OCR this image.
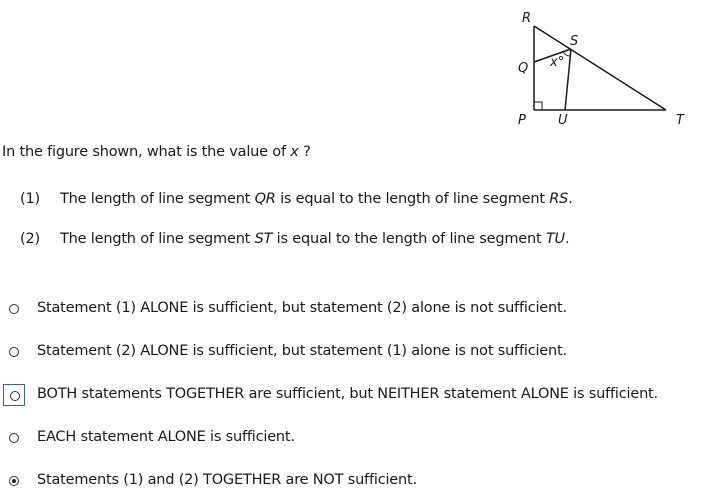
R
S
Q x°
P U	T
In the figure shown, what is the value of x ?
(1) The length of line segment QR is equal to the length of line segment RS.
(2) The length of line segment ST is equal to the length of line segment TU.
Statement (1) ALONE is sufficient, but statement (2) alone is not sufficient.
Statement (2) ALONE is sufficient, but statement (1) alone is not sufficient.
BOTH statements TOGETHER are sufficient, but NEITHER statement ALONE is sufficient.
EACH statement ALONE is sufficient.
Statements (1) and (2) TOGETHER are NOT sufficient.
